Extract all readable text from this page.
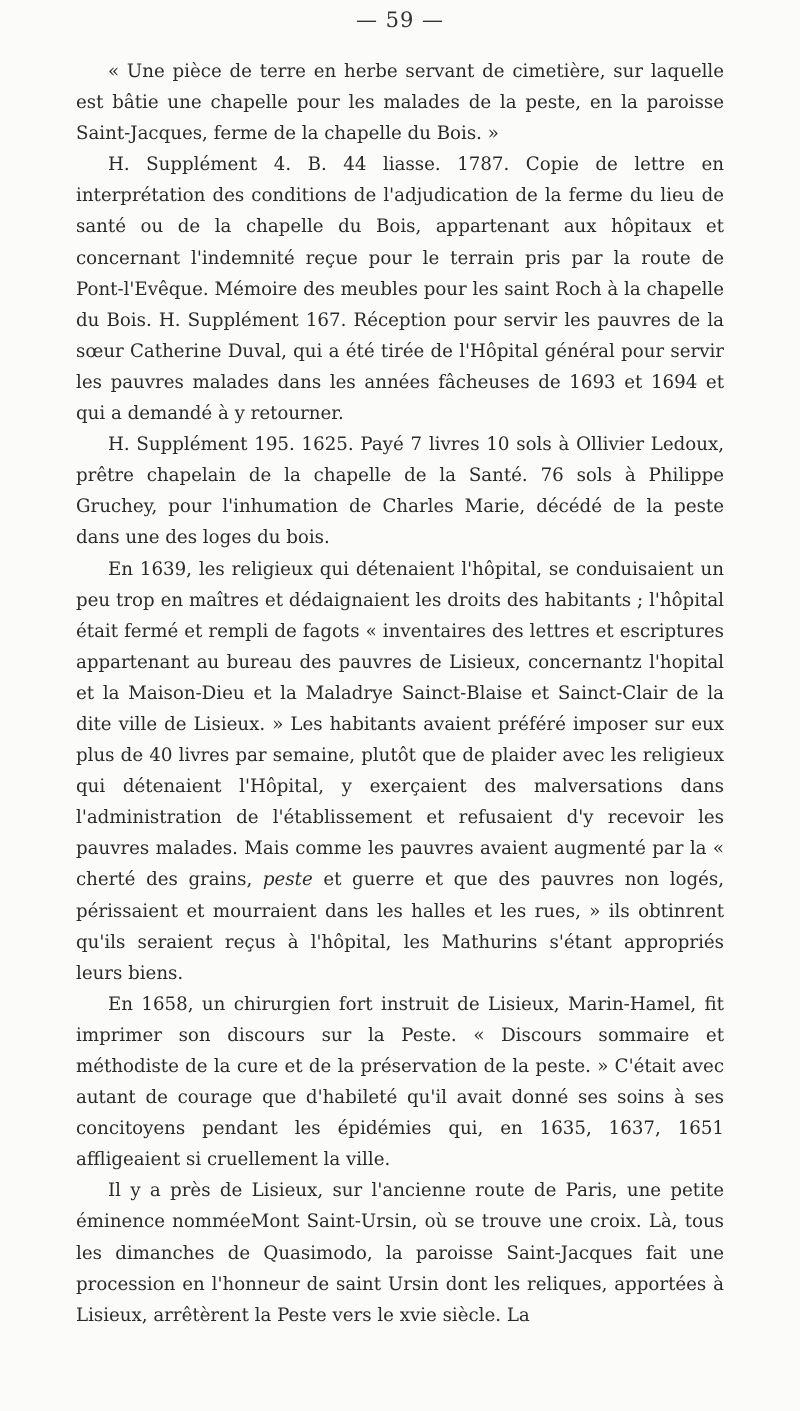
— 59 —

« Une pièce de terre en herbe servant de cimetière, sur laquelle est bâtie une chapelle pour les malades de la peste, en la paroisse Saint-Jacques, ferme de la chapelle du Bois. »

H. Supplément 4. B. 44 liasse. 1787. Copie de lettre en interprétation des conditions de l'adjudication de la ferme du lieu de santé ou de la chapelle du Bois, appartenant aux hôpitaux et concernant l'indemnité reçue pour le terrain pris par la route de Pont-l'Evêque. Mémoire des meubles pour les saint Roch à la chapelle du Bois. H. Supplément 167. Réception pour servir les pauvres de la sœur Catherine Duval, qui a été tirée de l'Hôpital général pour servir les pauvres malades dans les années fâcheuses de 1693 et 1694 et qui a demandé à y retourner.

H. Supplément 195. 1625. Payé 7 livres 10 sols à Ollivier Ledoux, prêtre chapelain de la chapelle de la Santé. 76 sols à Philippe Gruchey, pour l'inhumation de Charles Marie, décédé de la peste dans une des loges du bois.

En 1639, les religieux qui détenaient l'hôpital, se conduisaient un peu trop en maîtres et dédaignaient les droits des habitants ; l'hôpital était fermé et rempli de fagots « inventaires des lettres et escriptures appartenant au bureau des pauvres de Lisieux, concernantz l'hopital et la Maison-Dieu et la Maladrye Sainct-Blaise et Sainct-Clair de la dite ville de Lisieux. » Les habitants avaient préféré imposer sur eux plus de 40 livres par semaine, plutôt que de plaider avec les religieux qui détenaient l'Hôpital, y exerçaient des malversations dans l'administration de l'établissement et refusaient d'y recevoir les pauvres malades. Mais comme les pauvres avaient augmenté par la « cherté des grains, peste et guerre et que des pauvres non logés, périssaient et mourraient dans les halles et les rues, » ils obtinrent qu'ils seraient reçus à l'hôpital, les Mathurins s'étant appropriés leurs biens.

En 1658, un chirurgien fort instruit de Lisieux, Marin-Hamel, fit imprimer son discours sur la Peste. « Discours sommaire et méthodiste de la cure et de la préservation de la peste. » C'était avec autant de courage que d'habileté qu'il avait donné ses soins à ses concitoyens pendant les épidémies qui, en 1635, 1637, 1651 affligeaient si cruellement la ville.

Il y a près de Lisieux, sur l'ancienne route de Paris, une petite éminence nomméeMont Saint-Ursin, où se trouve une croix. Là, tous les dimanches de Quasimodo, la paroisse Saint-Jacques fait une procession en l'honneur de saint Ursin dont les reliques, apportées à Lisieux, arrêtèrent la Peste vers le xvie siècle. La
